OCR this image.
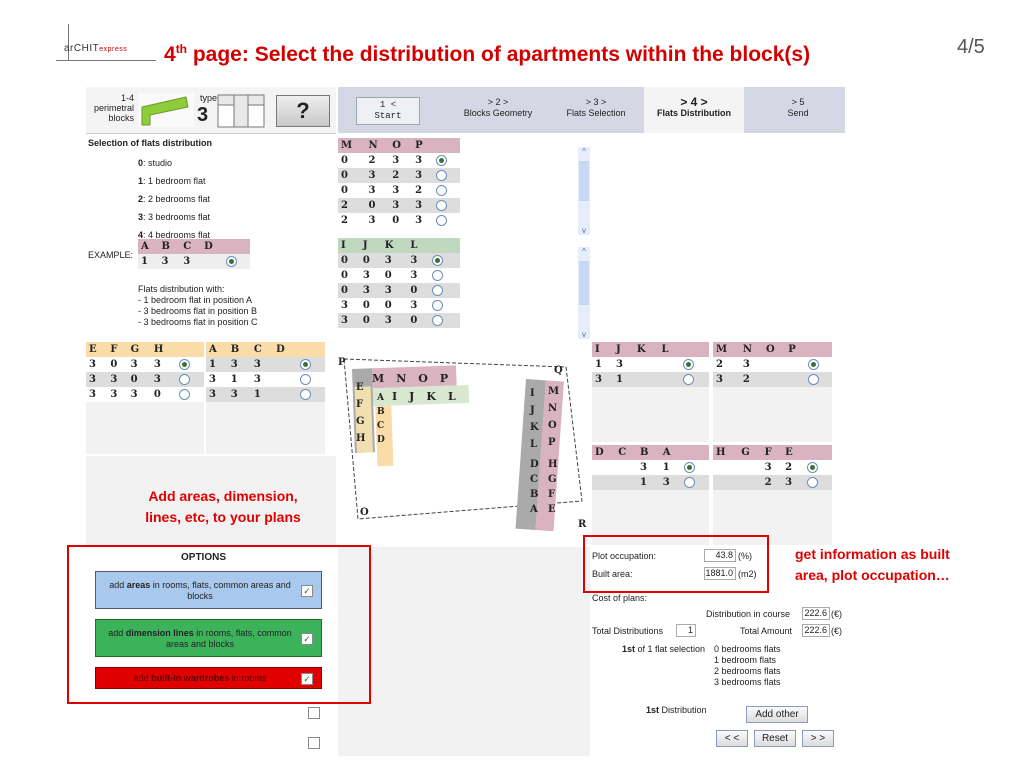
arCHITexpress 4th page: Select the distribution of apartments within the block(s)	4/5
1-4
perimetral
blocks
type
3	?	1 <
Start
> 2 >
Blocks Geometry
> 3 >
Flats Selection
> 4 >
Flats Distribution
> 5
Send
Selection of flats distribution
0: studio
1: 1 bedroom flat
2: 2 bedrooms flat
3: 3 bedrooms flat
4: 4 bedrooms flat
EXAMPLE:
A	B	C	D	
1	3	3		
Flats distribution with:
- 1 bedroom flat in position A
- 3 bedrooms flat in position B
- 3 bedrooms flat in position C
M	N	O	P	
0	2	3	3	
0	3	2	3	
0	3	3	2	
2	0	3	3	
2	3	0	3	
^
v
I	J	K	L	
0	0	3	3	
0	3	0	3	
0	3	3	0	
3	0	0	3	
3	0	3	0	
^
v
E	F	G	H	
3	0	3	3	
3	3	0	3	
3	3	3	0	
A	B	C	D	
1	3	3		
3	1	3		
3	3	1		
P
Q
O
R
MNOP
IJKL
E
F
G
H
A
B
C
D
I
J
K
L
M
N
O
P
D
C
B
A
H
G
F
E
I	J	K	L	
1	3			
3	1			
M	N	O	P	
2	3			
3	2			
D	C	B	A	
		3	1	
		1	3	
H	G	F	E	
		3	2	
		2	3	
OPTIONS
add areas in rooms, flats, common areas and blocks	✓
add dimension lines in rooms, flats, common areas and blocks	✓
add built-in wardrobes in rooms	✓
Plot occupation:	43.8 (%)
Built area:	1881.0 (m2)
Cost of plans:
Distribution in course 222.6 (€)
Total Distributions	1	Total Amount 222.6 (€)
1st of 1 flat selection 0 bedrooms flats
1 bedroom flats
2 bedrooms flats
3 bedrooms flats
1st Distribution	Add other
< <	Reset	> >
Add areas, dimension,
lines, etc, to your plans
get information as built
area, plot occupation…
